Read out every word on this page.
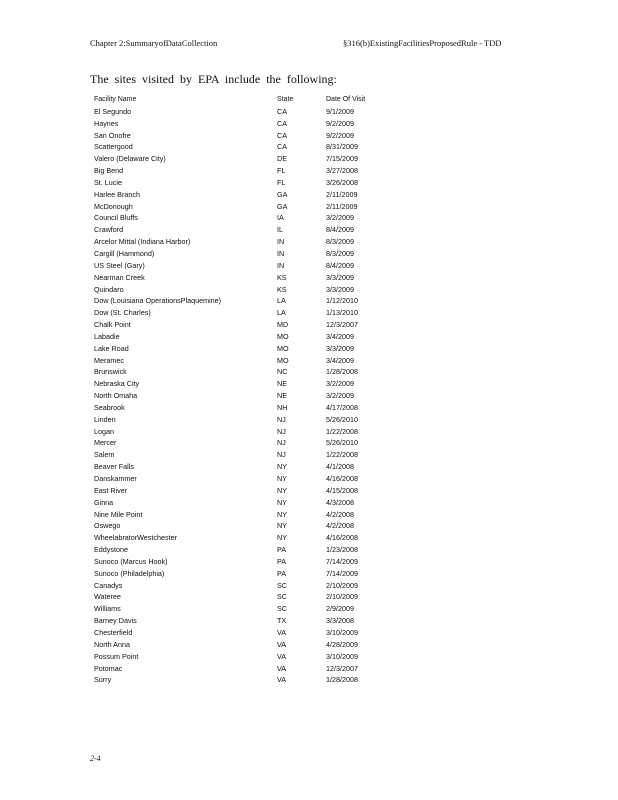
Chapter 2:SummaryofDataCollection	§316(b)ExistingFacilitiesProposedRule - TDD
The sites visited by EPA include the following:
Facility Name	State	Date Of Visit
El Segundo	CA	9/1/2009
Haynes	CA	9/2/2009
San Onofre	CA	9/2/2009
Scattergood	CA	8/31/2009
Valero (Delaware City)	DE	7/15/2009
Big Bend	FL	3/27/2008
St. Lucie	FL	3/26/2008
Harlee Branch	GA	2/11/2009
McDonough	GA	2/11/2009
Council Bluffs	IA	3/2/2009
Crawford	IL	8/4/2009
Arcelor Mittal (Indiana Harbor)	IN	8/3/2009
Cargill (Hammond)	IN	8/3/2009
US Steel (Gary)	IN	8/4/2009
Nearman Creek	KS	3/3/2009
Quindaro	KS	3/3/2009
Dow (Louisiana OperationsPlaquemine)	LA	1/12/2010
Dow (St. Charles)	LA	1/13/2010
Chalk Point	MD	12/3/2007
Labadie	MO	3/4/2009
Lake Road	MO	3/3/2009
Meramec	MO	3/4/2009
Brunswick	NC	1/28/2008
Nebraska City	NE	3/2/2009
North Omaha	NE	3/2/2009
Seabrook	NH	4/17/2008
Linden	NJ	5/26/2010
Logan	NJ	1/22/2008
Mercer	NJ	5/26/2010
Salem	NJ	1/22/2008
Beaver Falls	NY	4/1/2008
Danskammer	NY	4/16/2008
East River	NY	4/15/2008
Ginna	NY	4/3/2008
Nine Mile Point	NY	4/2/2008
Oswego	NY	4/2/2008
WheelabratorWestchester	NY	4/16/2008
Eddystone	PA	1/23/2008
Sunoco (Marcus Hook)	PA	7/14/2009
Sunoco (Philadelphia)	PA	7/14/2009
Canadys	SC	2/10/2009
Wateree	SC	2/10/2009
Williams	SC	2/9/2009
Barney Davis	TX	3/3/2008
Chesterfield	VA	3/10/2009
North Anna	VA	4/28/2009
Possum Point	VA	3/10/2009
Potomac	VA	12/3/2007
Surry	VA	1/28/2008
2-4
